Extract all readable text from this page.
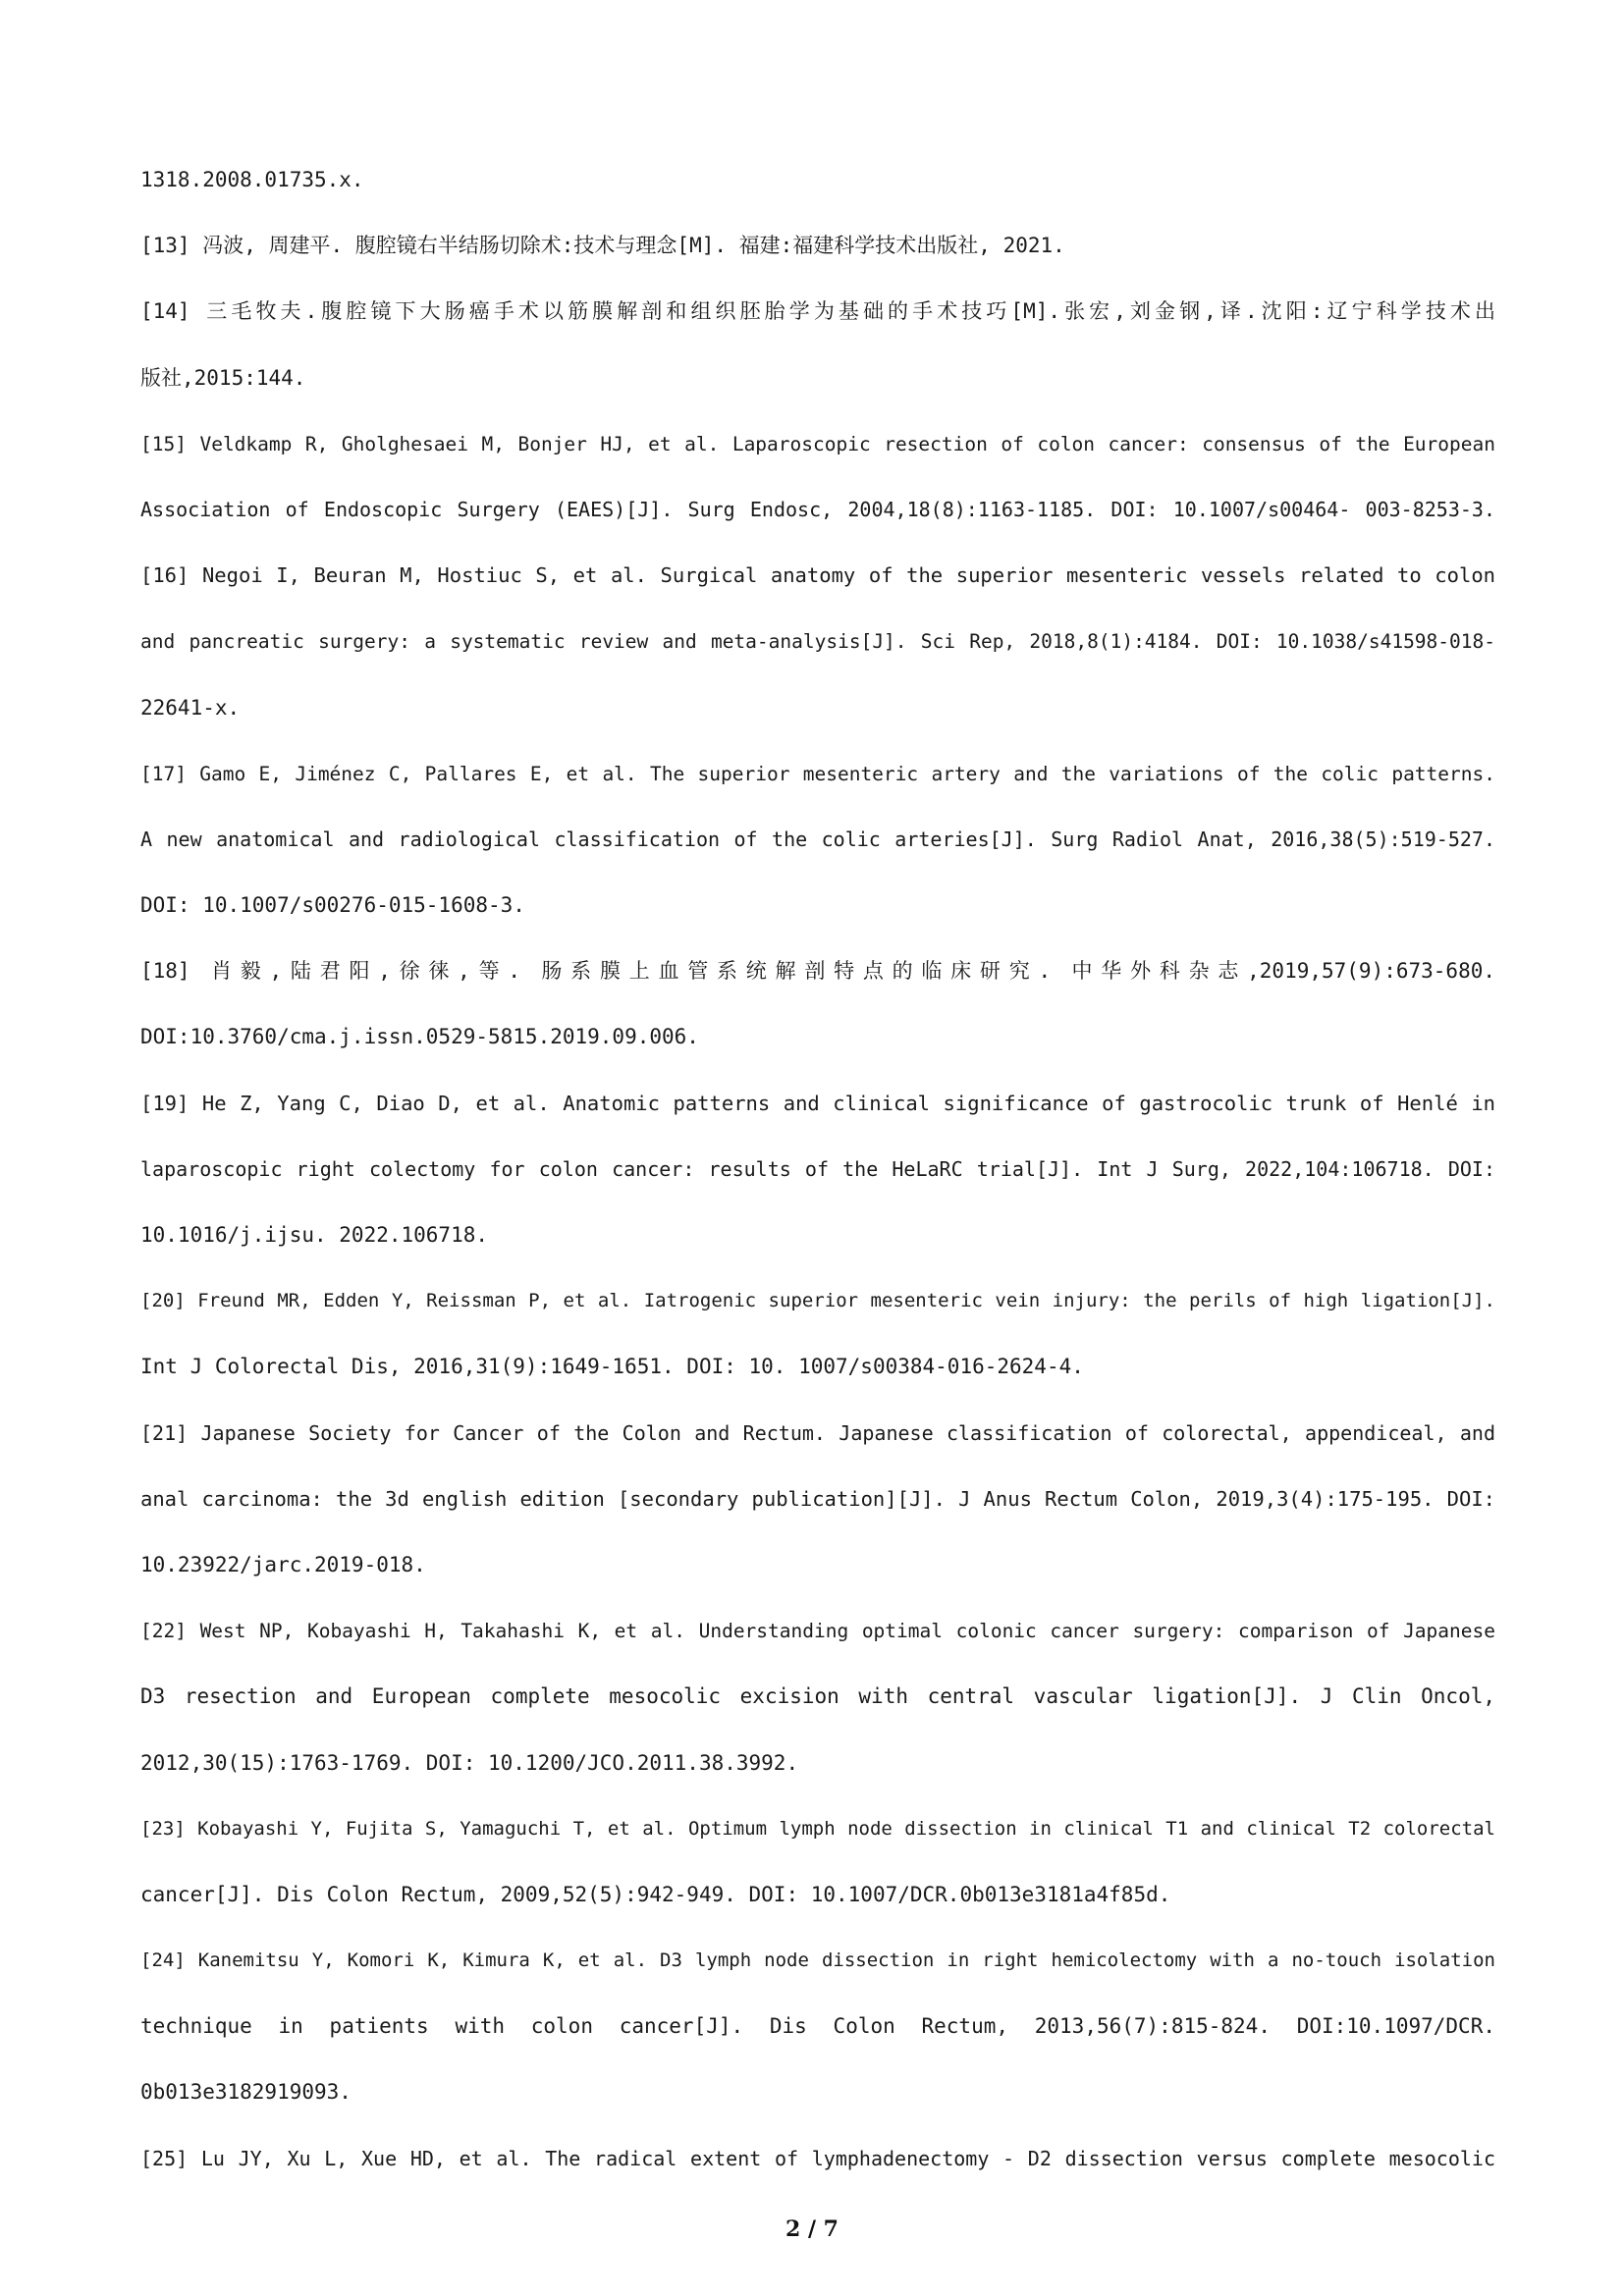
1318.2008.01735.x.
[13] 冯波, 周建平. 腹腔镜右半结肠切除术:技术与理念[M]. 福建:福建科学技术出版社, 2021.
[14] 三毛牧夫.腹腔镜下大肠癌手术以筋膜解剖和组织胚胎学为基础的手术技巧[M].张宏,刘金钢,译.沈阳:辽宁科学技术出
版社,2015:144.
[15] Veldkamp R, Gholghesaei M, Bonjer HJ, et al. Laparoscopic resection of colon cancer: consensus of the European
Association of Endoscopic Surgery (EAES)[J]. Surg Endosc, 2004,18(8):1163-1185. DOI: 10.1007/s00464- 003-8253-3.
[16] Negoi I, Beuran M, Hostiuc S, et al. Surgical anatomy of the superior mesenteric vessels related to colon
and pancreatic surgery: a systematic review and meta-analysis[J]. Sci Rep, 2018,8(1):4184. DOI: 10.1038/s41598-018-
22641-x.
[17] Gamo E, Jiménez C, Pallares E, et al. The superior mesenteric artery and the variations of the colic patterns.
A new anatomical and radiological classification of the colic arteries[J]. Surg Radiol Anat, 2016,38(5):519-527.
DOI: 10.1007/s00276-015-1608-3.
[18] 肖毅,陆君阳,徐徕,等. 肠系膜上血管系统解剖特点的临床研究. 中华外科杂志,2019,57(9):673-680.
DOI:10.3760/cma.j.issn.0529-5815.2019.09.006.
[19] He Z, Yang C, Diao D, et al. Anatomic patterns and clinical significance of gastrocolic trunk of Henlé in
laparoscopic right colectomy for colon cancer: results of the HeLaRC trial[J]. Int J Surg, 2022,104:106718. DOI:
10.1016/j.ijsu. 2022.106718.
[20] Freund MR, Edden Y, Reissman P, et al. Iatrogenic superior mesenteric vein injury: the perils of high ligation[J].
Int J Colorectal Dis, 2016,31(9):1649-1651. DOI: 10. 1007/s00384-016-2624-4.
[21] Japanese Society for Cancer of the Colon and Rectum. Japanese classification of colorectal, appendiceal, and
anal carcinoma: the 3d english edition [secondary publication][J]. J Anus Rectum Colon, 2019,3(4):175-195. DOI:
10.23922/jarc.2019-018.
[22] West NP, Kobayashi H, Takahashi K, et al. Understanding optimal colonic cancer surgery: comparison of Japanese
D3 resection and European complete mesocolic excision with central vascular ligation[J]. J Clin Oncol,
2012,30(15):1763-1769. DOI: 10.1200/JCO.2011.38.3992.
[23] Kobayashi Y, Fujita S, Yamaguchi T, et al. Optimum lymph node dissection in clinical T1 and clinical T2 colorectal
cancer[J]. Dis Colon Rectum, 2009,52(5):942-949. DOI: 10.1007/DCR.0b013e3181a4f85d.
[24] Kanemitsu Y, Komori K, Kimura K, et al. D3 lymph node dissection in right hemicolectomy with a no-touch isolation
technique in patients with colon cancer[J]. Dis Colon Rectum, 2013,56(7):815-824. DOI:10.1097/DCR.
0b013e3182919093.
[25] Lu JY, Xu L, Xue HD, et al. The radical extent of lymphadenectomy - D2 dissection versus complete mesocolic
2 / 7
